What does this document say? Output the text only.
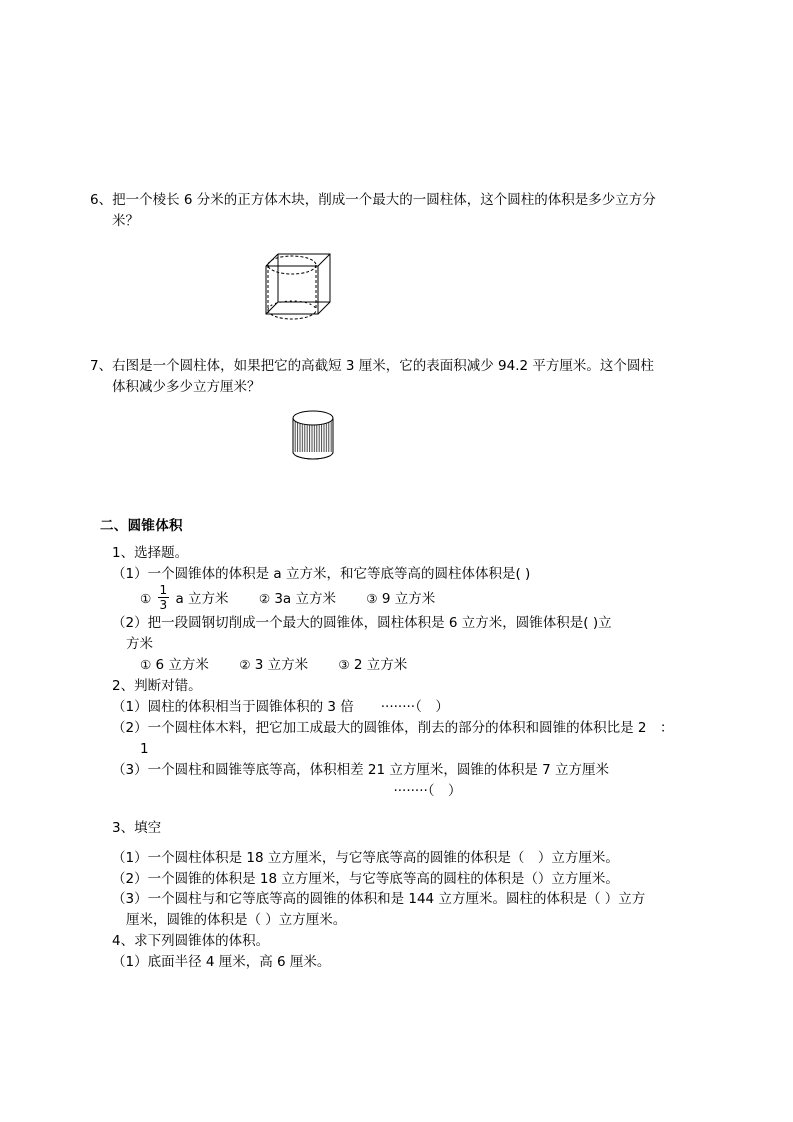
6、把一个棱长 6 分米的正方体木块，削成一个最大的一圆柱体，这个圆柱的体积是多少立方分
米？
7、右图是一个圆柱体，如果把它的高截短 3 厘米，它的表面积减少 94.2 平方厘米。这个圆柱
体积减少多少立方厘米？
二、圆锥体积
1、选择题。
（1）一个圆锥体的体积是 a 立方米，和它等底等高的圆柱体体积是( )
① $\frac{1}{3}$ a 立方米 ② 3a 立方米 ③ 9 立方米
（2）把一段圆钢切削成一个最大的圆锥体，圆柱体积是 6 立方米，圆锥体积是( )立
方米
① 6 立方米 ② 3 立方米 ③ 2 立方米
2、判断对错。
（1）圆柱的体积相当于圆锥体积的 3 倍　　········（　）
（2）一个圆柱体木料，把它加工成最大的圆锥体，削去的部分的体积和圆锥的体积比是 2　：
1
（3）一个圆柱和圆锥等底等高，体积相差 21 立方厘米，圆锥的体积是 7 立方厘米
········（　）
3、填空
（1）一个圆柱体积是 18 立方厘米，与它等底等高的圆锥的体积是（　）立方厘米。
（2）一个圆锥的体积是 18 立方厘米，与它等底等高的圆柱的体积是（）立方厘米。
（3）一个圆柱与和它等底等高的圆锥的体积和是 144 立方厘米。圆柱的体积是（ ）立方
厘米，圆锥的体积是（ ）立方厘米。
4、求下列圆锥体的体积。
（1）底面半径 4 厘米，高 6 厘米。
